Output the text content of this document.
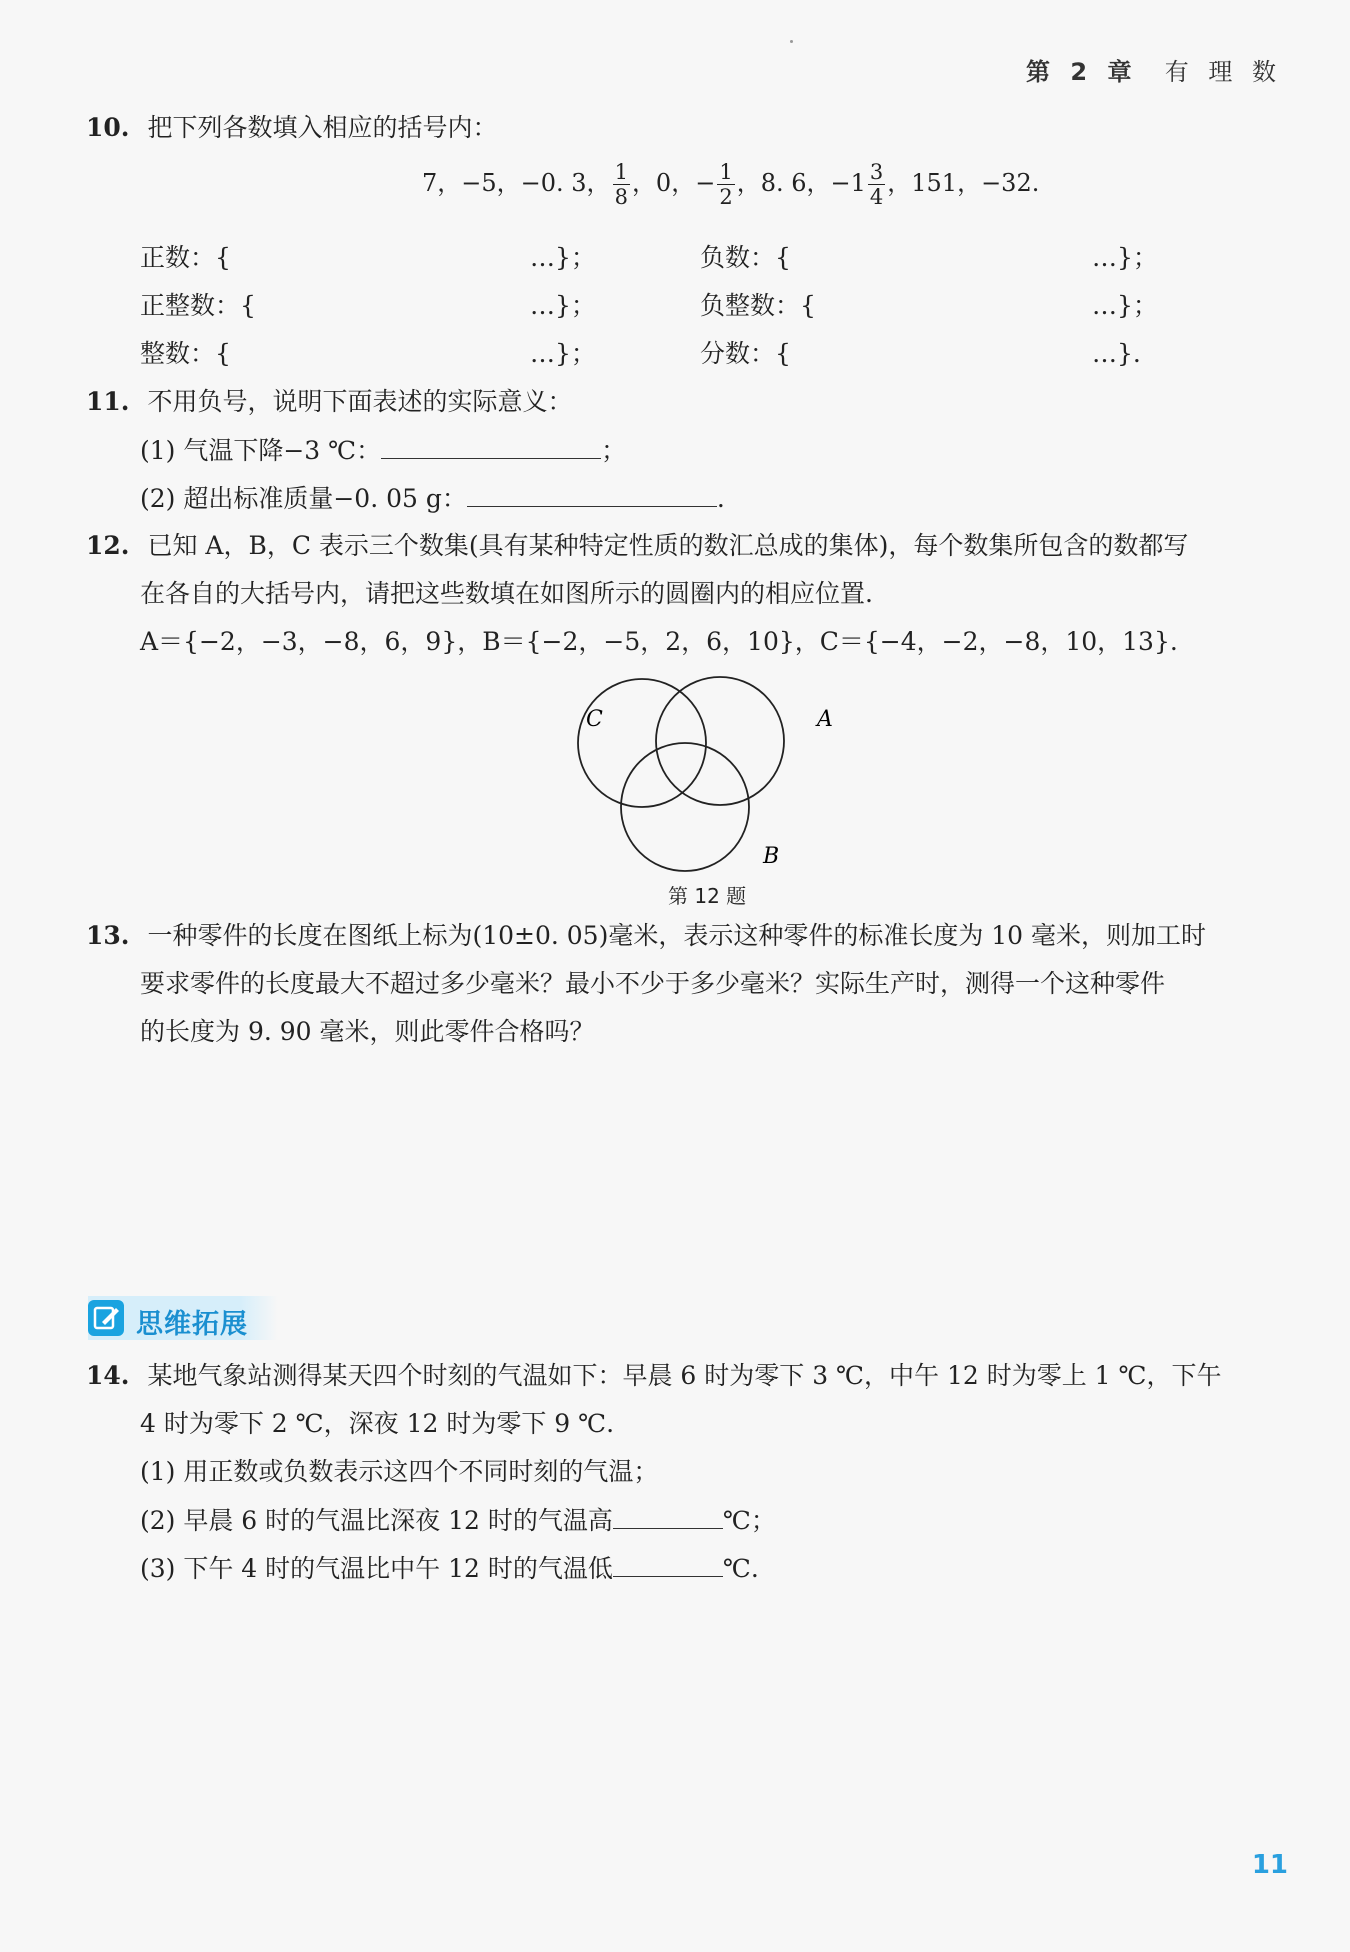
第 2 章 有 理 数
10. 把下列各数填入相应的括号内：
7，−5，−0. 3， $\frac{1}{8}$ ，0，− $\frac{1}{2}$ ，8. 6，$-1 \frac{3}{4}$ ，151，−32.
正数：{	…}；	负数：{	…}；
正整数：{	…}；	负整数：{	…}；
整数：{	…}；	分数：{	…}.
11. 不用负号，说明下面表述的实际意义：
(1) 气温下降−3 ℃：	；
(2) 超出标准质量−0. 05 g：	.
12. 已知 A，B，C 表示三个数集(具有某种特定性质的数汇总成的集体)，每个数集所包含的数都写
在各自的大括号内，请把这些数填在如图所示的圆圈内的相应位置.
A＝{−2，−3，−8，6，9}，B＝{−2，−5，2，6，10}，C＝{−4，−2，−8，10，13}.
C	A
B
第 12 题
13. 一种零件的长度在图纸上标为(10±0. 05)毫米，表示这种零件的标准长度为 10 毫米，则加工时
要求零件的长度最大不超过多少毫米？最小不少于多少毫米？实际生产时，测得一个这种零件
的长度为 9. 90 毫米，则此零件合格吗？
思维拓展
14. 某地气象站测得某天四个时刻的气温如下：早晨 6 时为零下 3 ℃，中午 12 时为零上 1 ℃，下午
4 时为零下 2 ℃，深夜 12 时为零下 9 ℃.
(1) 用正数或负数表示这四个不同时刻的气温；
(2) 早晨 6 时的气温比深夜 12 时的气温高	℃；
(3) 下午 4 时的气温比中午 12 时的气温低	℃.
11
